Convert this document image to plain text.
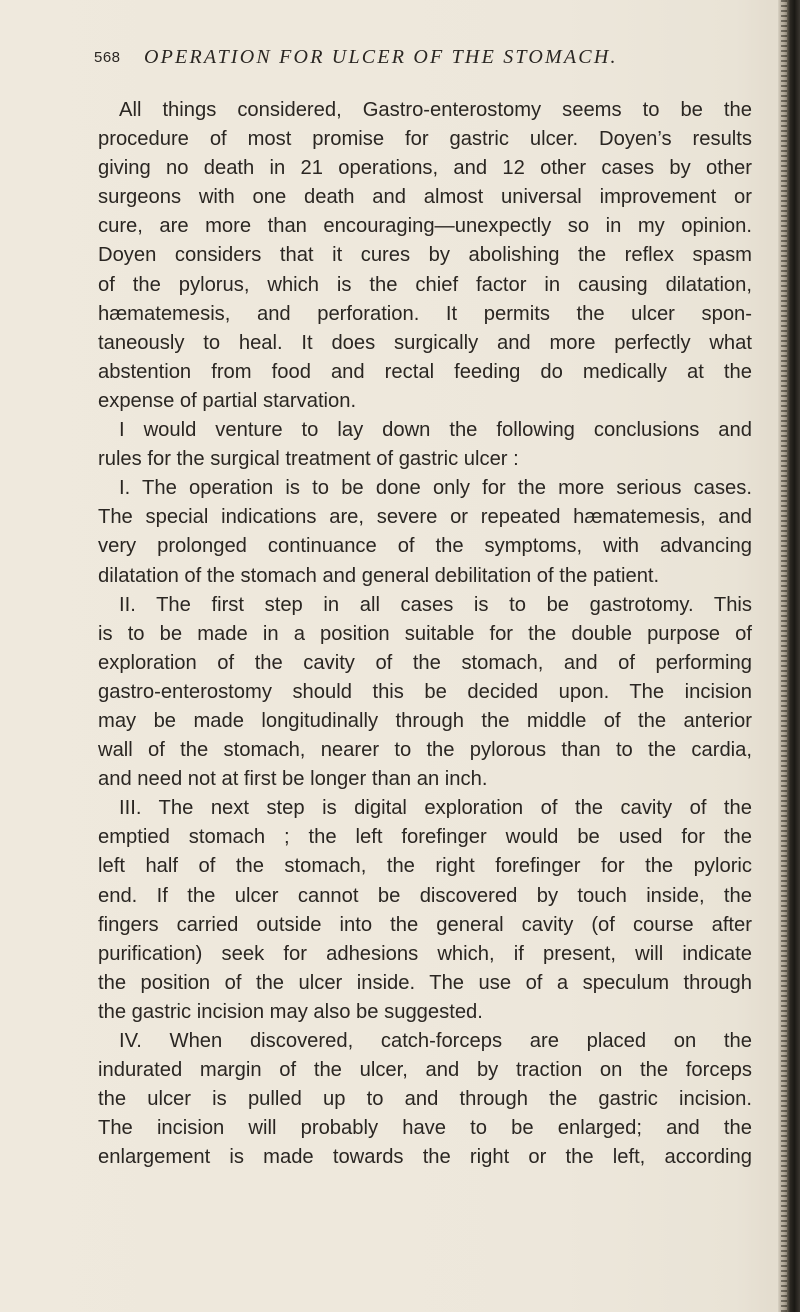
568 OPERATION FOR ULCER OF THE STOMACH.
All things considered, Gastro-enterostomy seems to be the
procedure of most promise for gastric ulcer. Doyen’s results
giving no death in 21 operations, and 12 other cases by other
surgeons with one death and almost universal improvement or
cure, are more than encouraging—unexpectly so in my opinion.
Doyen considers that it cures by abolishing the reflex spasm
of the pylorus, which is the chief factor in causing dilatation,
hæmatemesis, and perforation. It permits the ulcer spon-
taneously to heal. It does surgically and more perfectly what
abstention from food and rectal feeding do medically at the
expense of partial starvation.
I would venture to lay down the following conclusions and
rules for the surgical treatment of gastric ulcer :
I. The operation is to be done only for the more serious cases.
The special indications are, severe or repeated hæmatemesis, and
very prolonged continuance of the symptoms, with advancing
dilatation of the stomach and general debilitation of the patient.
II. The first step in all cases is to be gastrotomy. This
is to be made in a position suitable for the double purpose of
exploration of the cavity of the stomach, and of performing
gastro-enterostomy should this be decided upon. The incision
may be made longitudinally through the middle of the anterior
wall of the stomach, nearer to the pylorous than to the cardia,
and need not at first be longer than an inch.
III. The next step is digital exploration of the cavity of the
emptied stomach ; the left forefinger would be used for the
left half of the stomach, the right forefinger for the pyloric
end. If the ulcer cannot be discovered by touch inside, the
fingers carried outside into the general cavity (of course after
purification) seek for adhesions which, if present, will indicate
the position of the ulcer inside. The use of a speculum through
the gastric incision may also be suggested.
IV. When discovered, catch-forceps are placed on the
indurated margin of the ulcer, and by traction on the forceps
the ulcer is pulled up to and through the gastric incision.
The incision will probably have to be enlarged; and the
enlargement is made towards the right or the left, according
